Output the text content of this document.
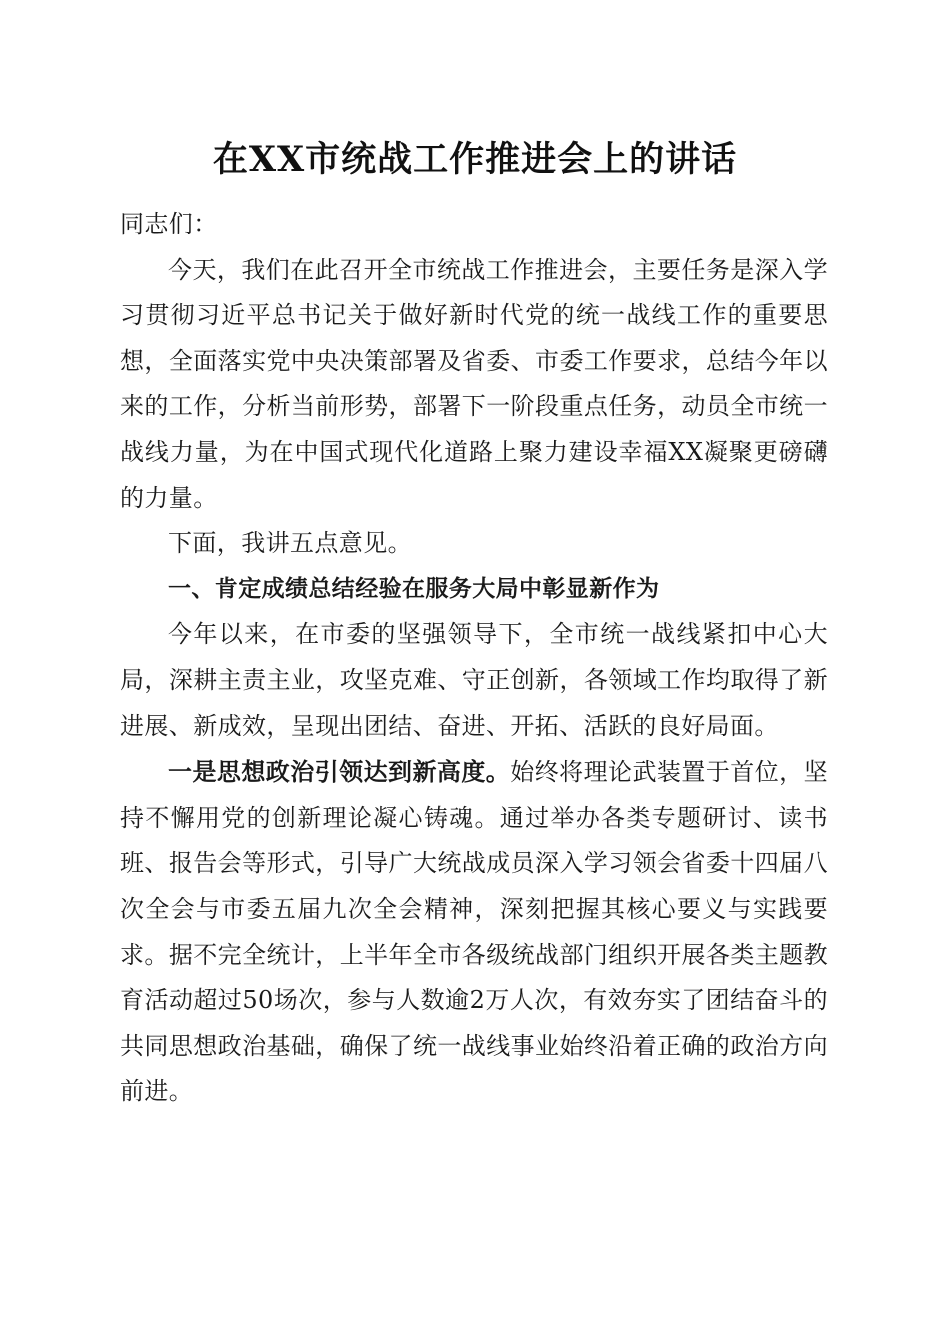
在XX市统战工作推进会上的讲话

同志们：

今天，我们在此召开全市统战工作推进会，主要任务是深入学习贯彻习近平总书记关于做好新时代党的统一战线工作的重要思想，全面落实党中央决策部署及省委、市委工作要求，总结今年以来的工作，分析当前形势，部署下一阶段重点任务，动员全市统一战线力量，为在中国式现代化道路上聚力建设幸福XX凝聚更磅礴的力量。

下面，我讲五点意见。

一、肯定成绩总结经验在服务大局中彰显新作为

今年以来，在市委的坚强领导下，全市统一战线紧扣中心大局，深耕主责主业，攻坚克难、守正创新，各领域工作均取得了新进展、新成效，呈现出团结、奋进、开拓、活跃的良好局面。

一是思想政治引领达到新高度。始终将理论武装置于首位，坚持不懈用党的创新理论凝心铸魂。通过举办各类专题研讨、读书班、报告会等形式，引导广大统战成员深入学习领会省委十四届八次全会与市委五届九次全会精神，深刻把握其核心要义与实践要求。据不完全统计，上半年全市各级统战部门组织开展各类主题教育活动超过50场次，参与人数逾2万人次，有效夯实了团结奋斗的共同思想政治基础，确保了统一战线事业始终沿着正确的政治方向前进。
